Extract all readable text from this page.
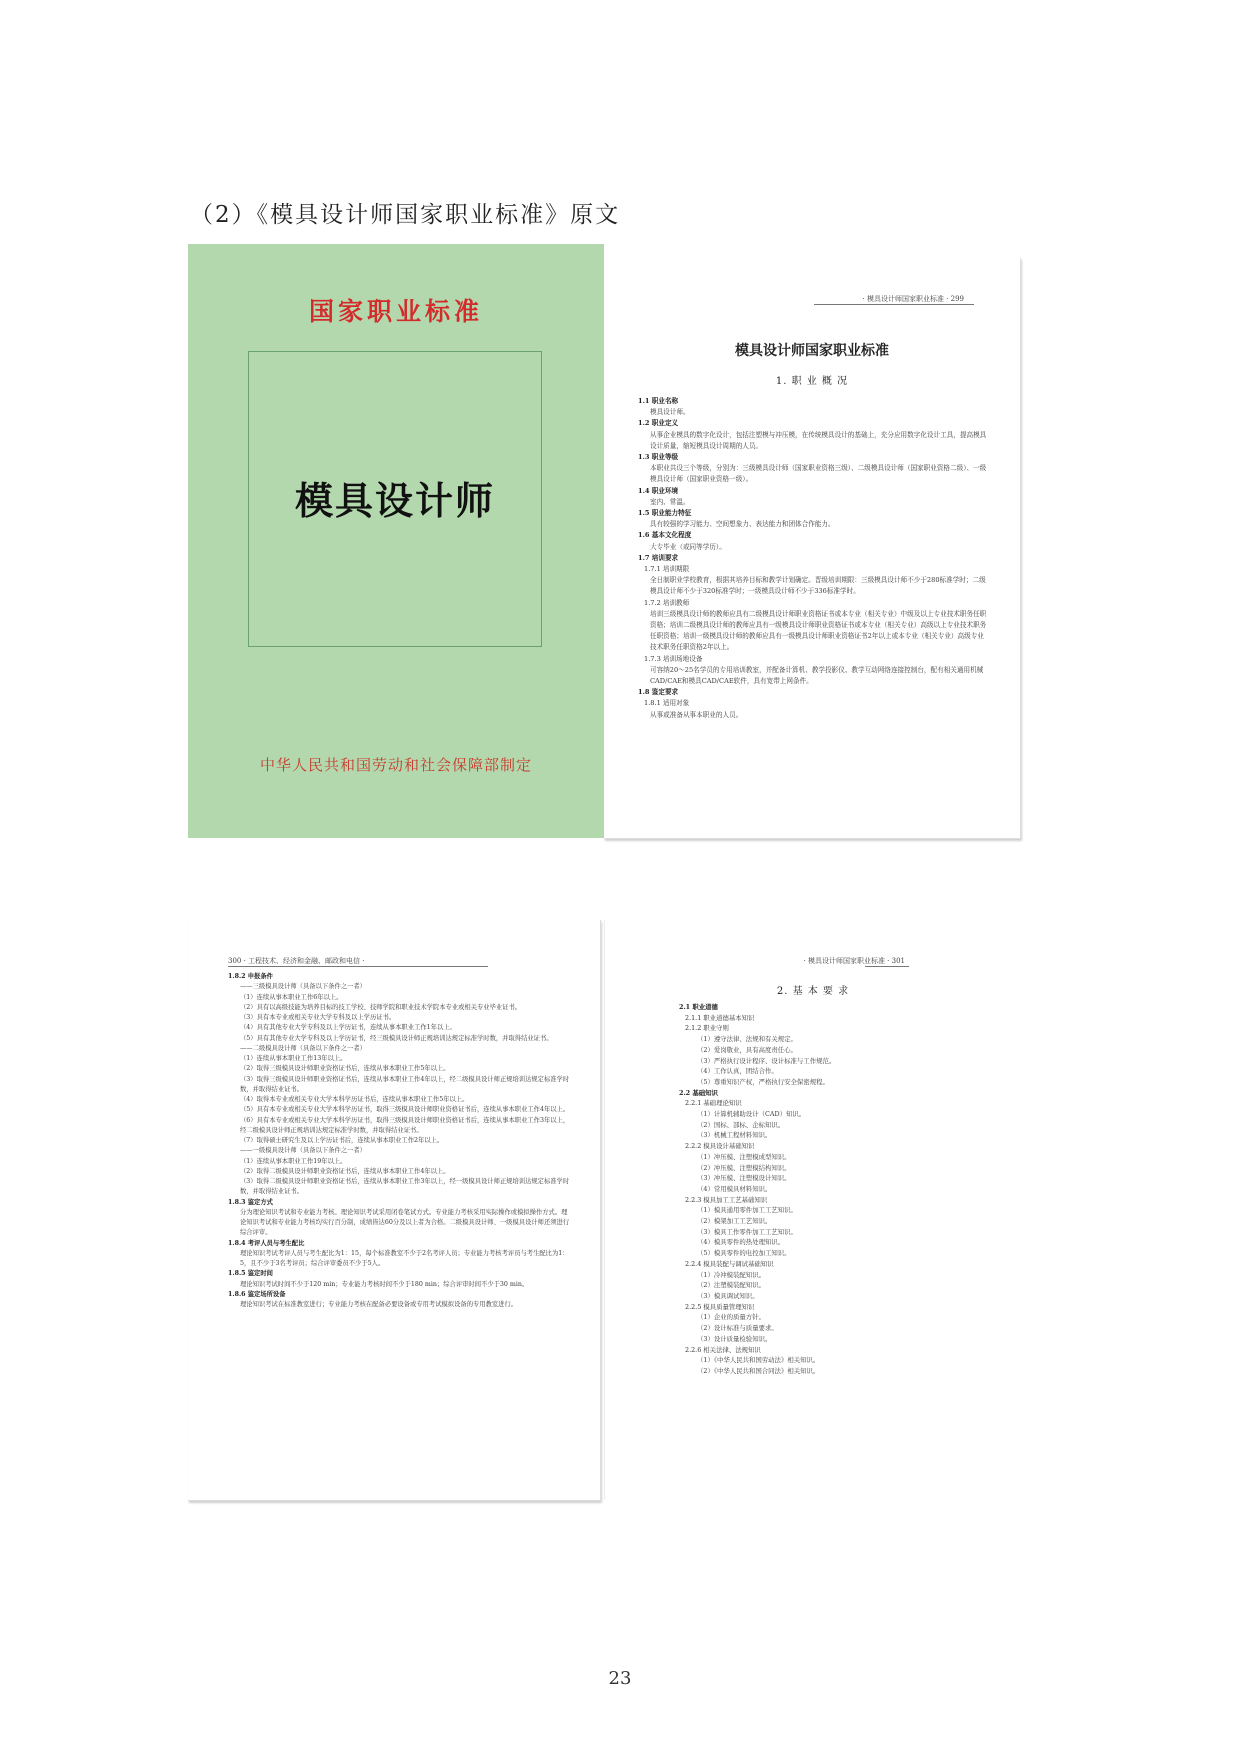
（2）《模具设计师国家职业标准》原文
国家职业标准
模具设计师
中华人民共和国劳动和社会保障部制定
· 模具设计师国家职业标准 · 299
模具设计师国家职业标准
1. 职 业 概 况
1.1 职业名称
模具设计师。
1.2 职业定义
从事企业模具的数字化设计，包括注塑模与冲压模，在传统模具设计的基础上，充分应用数字化设计工具，提高模具设计质量，缩短模具设计周期的人员。
1.3 职业等级
本职业共设三个等级，分别为：三级模具设计师（国家职业资格三级）、二级模具设计师（国家职业资格二级）、一级模具设计师（国家职业资格一级）。
1.4 职业环境
室内、常温。
1.5 职业能力特征
具有较强的学习能力、空间想象力、表达能力和团体合作能力。
1.6 基本文化程度
大专毕业（或同等学历）。
1.7 培训要求
1.7.1 培训期限
全日制职业学校教育，根据其培养目标和教学计划确定。晋级培训期限：三级模具设计师不少于280标准学时；二级模具设计师不少于320标准学时；一级模具设计师不少于336标准学时。
1.7.2 培训教师
培训三级模具设计师的教师应具有二级模具设计师职业资格证书或本专业（相关专业）中级及以上专业技术职务任职资格；培训二级模具设计师的教师应具有一级模具设计师职业资格证书或本专业（相关专业）高级以上专业技术职务任职资格；培训一级模具设计师的教师应具有一级模具设计师职业资格证书2年以上或本专业（相关专业）高级专业技术职务任职资格2年以上。
1.7.3 培训场地设备
可容纳20～25名学员的专用培训教室，并配备计算机、教学投影仪、教学互动网络连接控制台，配有相关通用机械CAD/CAE和模具CAD/CAE软件，具有宽带上网条件。
1.8 鉴定要求
1.8.1 适用对象
从事或准备从事本职业的人员。
300 · 工程技术、经济和金融、邮政和电信 ·
1.8.2 申报条件
——三级模具设计师（具备以下条件之一者）
（1）连续从事本职业工作6年以上。
（2）具有以高级技能为培养目标的技工学校、技师学院和职业技术学院本专业或相关专业毕业证书。
（3）具有本专业或相关专业大学专科及以上学历证书。
（4）具有其他专业大学专科及以上学历证书，连续从事本职业工作1年以上。
（5）具有其他专业大学专科及以上学历证书，经三级模具设计师正规培训达规定标准学时数，并取得结业证书。
——二级模具设计师（具备以下条件之一者）
（1）连续从事本职业工作13年以上。
（2）取得三级模具设计师职业资格证书后，连续从事本职业工作5年以上。
（3）取得三级模具设计师职业资格证书后，连续从事本职业工作4年以上，经二级模具设计师正规培训达规定标准学时数，并取得结业证书。
（4）取得本专业或相关专业大学本科学历证书后，连续从事本职业工作5年以上。
（5）具有本专业或相关专业大学本科学历证书，取得三级模具设计师职业资格证书后，连续从事本职业工作4年以上。
（6）具有本专业或相关专业大学本科学历证书，取得三级模具设计师职业资格证书后，连续从事本职业工作3年以上，经二级模具设计师正规培训达规定标准学时数，并取得结业证书。
（7）取得硕士研究生及以上学历证书后，连续从事本职业工作2年以上。
——一级模具设计师（具备以下条件之一者）
（1）连续从事本职业工作19年以上。
（2）取得二级模具设计师职业资格证书后，连续从事本职业工作4年以上。
（3）取得二级模具设计师职业资格证书后，连续从事本职业工作3年以上，经一级模具设计师正规培训达规定标准学时数，并取得结业证书。
1.8.3 鉴定方式
分为理论知识考试和专业能力考核。理论知识考试采用闭卷笔试方式。专业能力考核采用实际操作或模拟操作方式。理论知识考试和专业能力考核均实行百分制，成绩皆达60分及以上者为合格。二级模具设计师、一级模具设计师还须进行综合评审。
1.8.4 考评人员与考生配比
理论知识考试考评人员与考生配比为1：15，每个标准教室不少于2名考评人员；专业能力考核考评员与考生配比为1：5，且不少于3名考评员；综合评审委员不少于5人。
1.8.5 鉴定时间
理论知识考试时间不少于120 min；专业能力考核时间不少于180 min；综合评审时间不少于30 min。
1.8.6 鉴定场所设备
理论知识考试在标准教室进行；专业能力考核在配备必要设备或专用考试模拟设备的专用教室进行。
· 模具设计师国家职业标准 · 301
2. 基 本 要 求
2.1 职业道德
2.1.1 职业道德基本知识
2.1.2 职业守则
（1）遵守法律、法规和有关规定。
（2）爱岗敬业，具有高度责任心。
（3）严格执行设计程序、设计标准与工作规范。
（4）工作认真，团结合作。
（5）尊重知识产权，严格执行安全保密规程。
2.2 基础知识
2.2.1 基础理论知识
（1）计算机辅助设计（CAD）知识。
（2）国标、部标、企标知识。
（3）机械工程材料知识。
2.2.2 模具设计基础知识
（1）冲压模、注塑模成型知识。
（2）冲压模、注塑模结构知识。
（3）冲压模、注塑模设计知识。
（4）常用模具材料知识。
2.2.3 模具加工工艺基础知识
（1）模具通用零件加工工艺知识。
（2）模架加工工艺知识。
（3）模具工作零件加工工艺知识。
（4）模具零件的热处理知识。
（5）模具零件的电控加工知识。
2.2.4 模具装配与调试基础知识
（1）冷冲模装配知识。
（2）注塑模装配知识。
（3）模具调试知识。
2.2.5 模具质量管理知识
（1）企业的质量方针。
（2）设计标准与质量要求。
（3）设计质量检验知识。
2.2.6 相关法律、法规知识
（1）《中华人民共和国劳动法》相关知识。
（2）《中华人民共和国合同法》相关知识。
23
